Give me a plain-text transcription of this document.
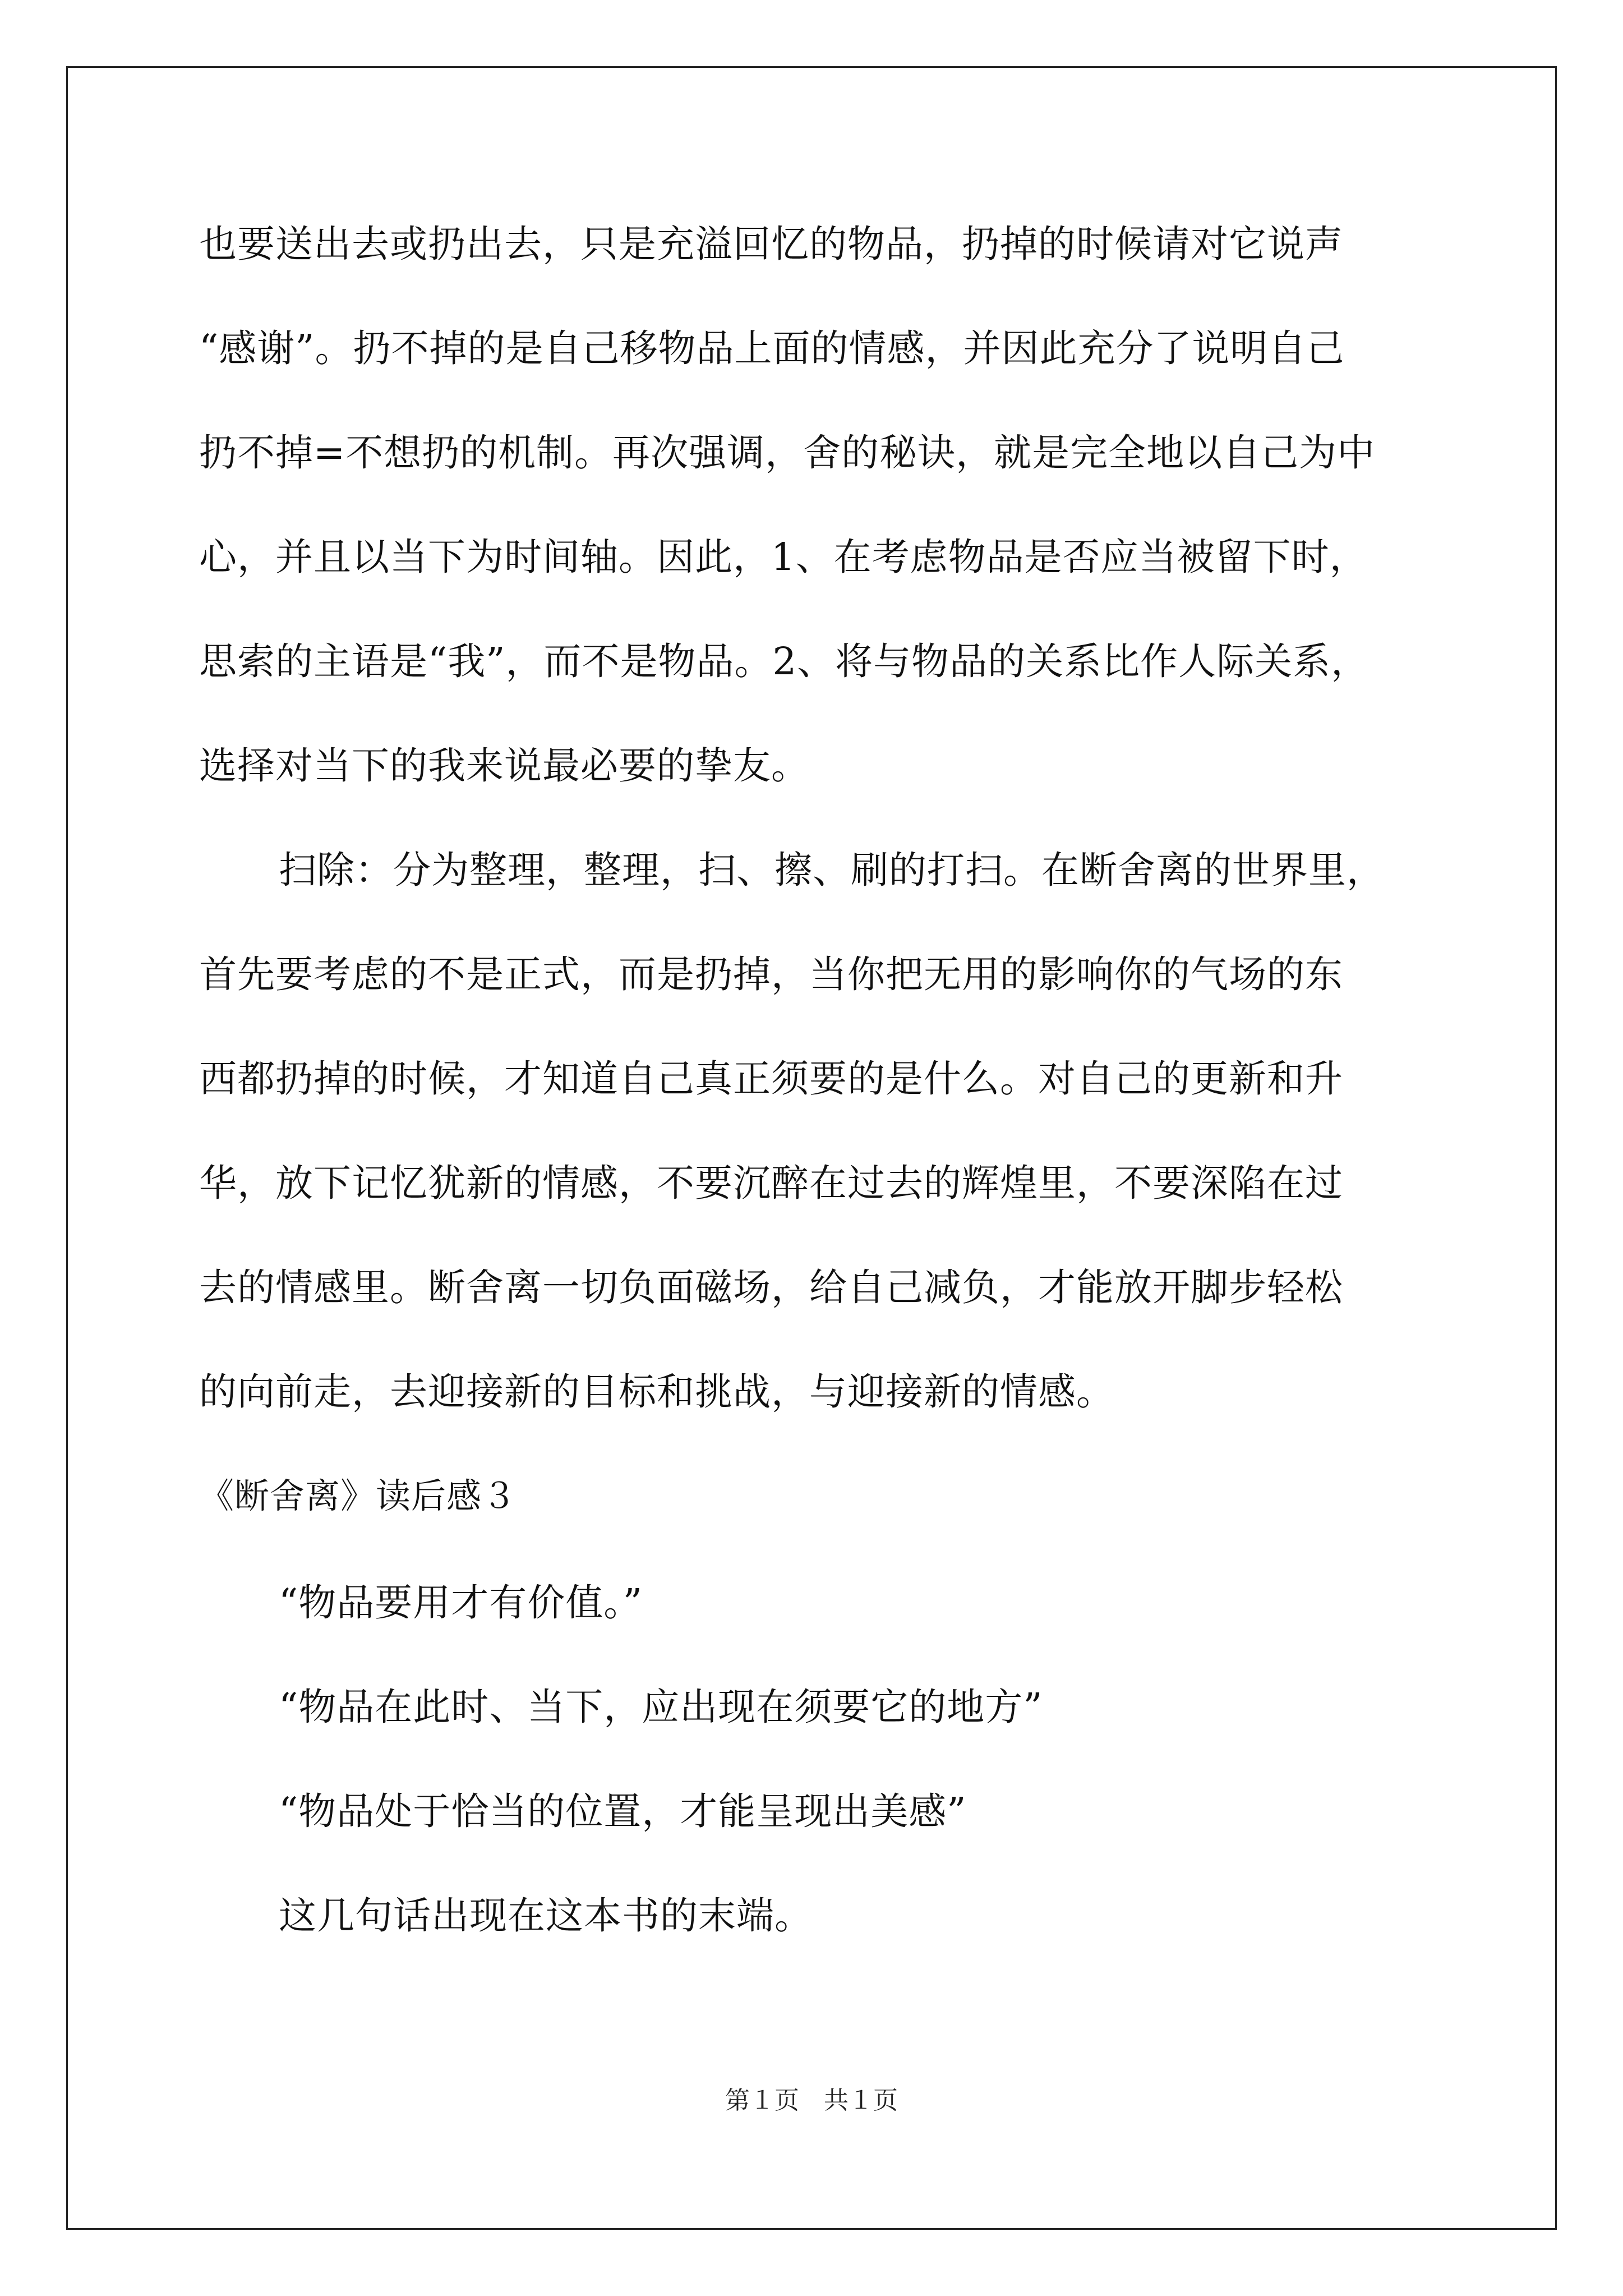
也要送出去或扔出去，只是充溢回忆的物品，扔掉的时候请对它说声
“感谢”。扔不掉的是自己移物品上面的情感，并因此充分了说明自己
扔不掉=不想扔的机制。再次强调，舍的秘诀，就是完全地以自己为中
心，并且以当下为时间轴。因此，1、在考虑物品是否应当被留下时，
思索的主语是“我”，而不是物品。2、将与物品的关系比作人际关系，
选择对当下的我来说最必要的挚友。
扫除：分为整理，整理，扫、擦、刷的打扫。在断舍离的世界里，
首先要考虑的不是正式，而是扔掉，当你把无用的影响你的气场的东
西都扔掉的时候，才知道自己真正须要的是什么。对自己的更新和升
华，放下记忆犹新的情感，不要沉醉在过去的辉煌里，不要深陷在过
去的情感里。断舍离一切负面磁场，给自己减负，才能放开脚步轻松
的向前走，去迎接新的目标和挑战，与迎接新的情感。
《断舍离》读后感３
“物品要用才有价值。”
“物品在此时、当下，应出现在须要它的地方”
“物品处于恰当的位置，才能呈现出美感”
这几句话出现在这本书的末端。
第１页　共１页
